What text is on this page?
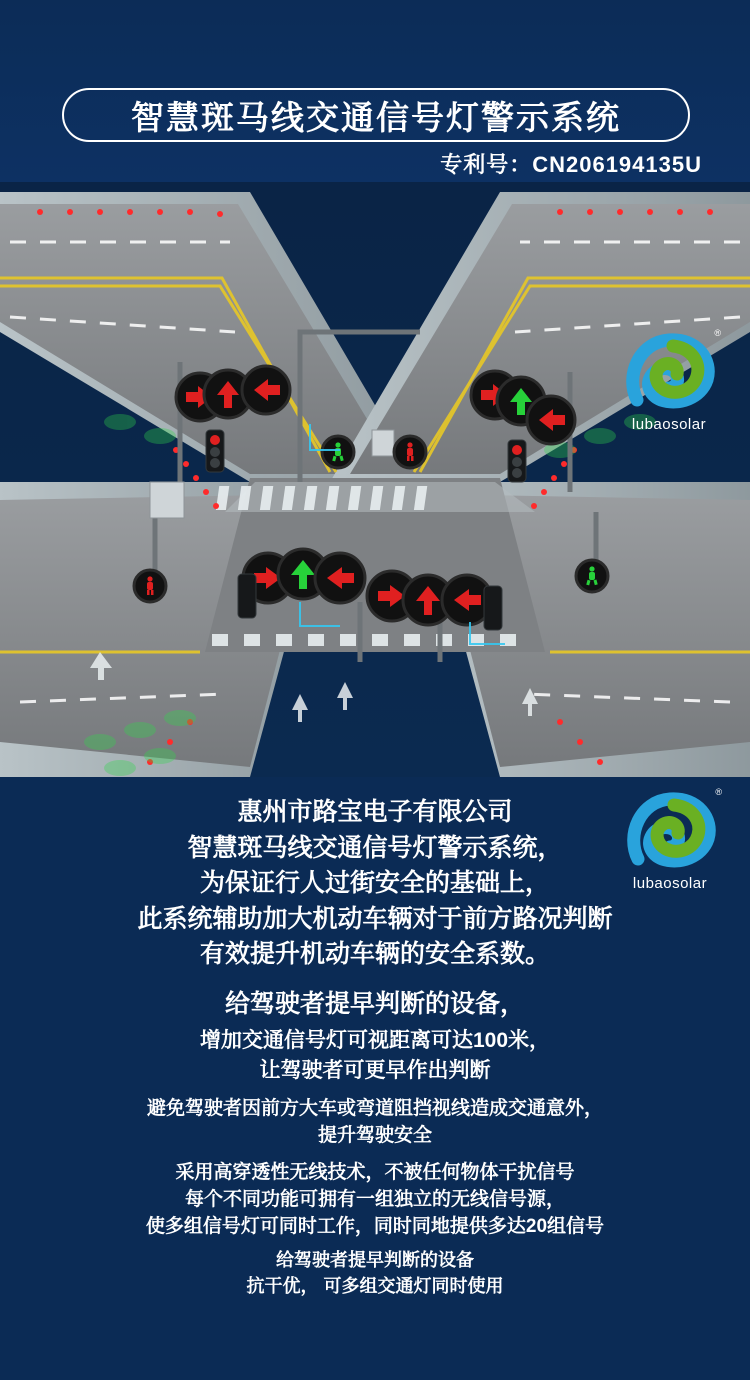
智慧斑马线交通信号灯警示系统
专利号：CN206194135U
®
lubaosolar
®
lubaosolar
惠州市路宝电子有限公司
智慧斑马线交通信号灯警示系统，
为保证行人过街安全的基础上，
此系统辅助加大机动车辆对于前方路况判断
有效提升机动车辆的安全系数。
给驾驶者提早判断的设备，
增加交通信号灯可视距离可达100米，
让驾驶者可更早作出判断
避免驾驶者因前方大车或弯道阻挡视线造成交通意外，
提升驾驶安全
采用高穿透性无线技术，不被任何物体干扰信号
每个不同功能可拥有一组独立的无线信号源，
使多组信号灯可同时工作，同时同地提供多达20组信号
给驾驶者提早判断的设备
抗干优， 可多组交通灯同时使用
